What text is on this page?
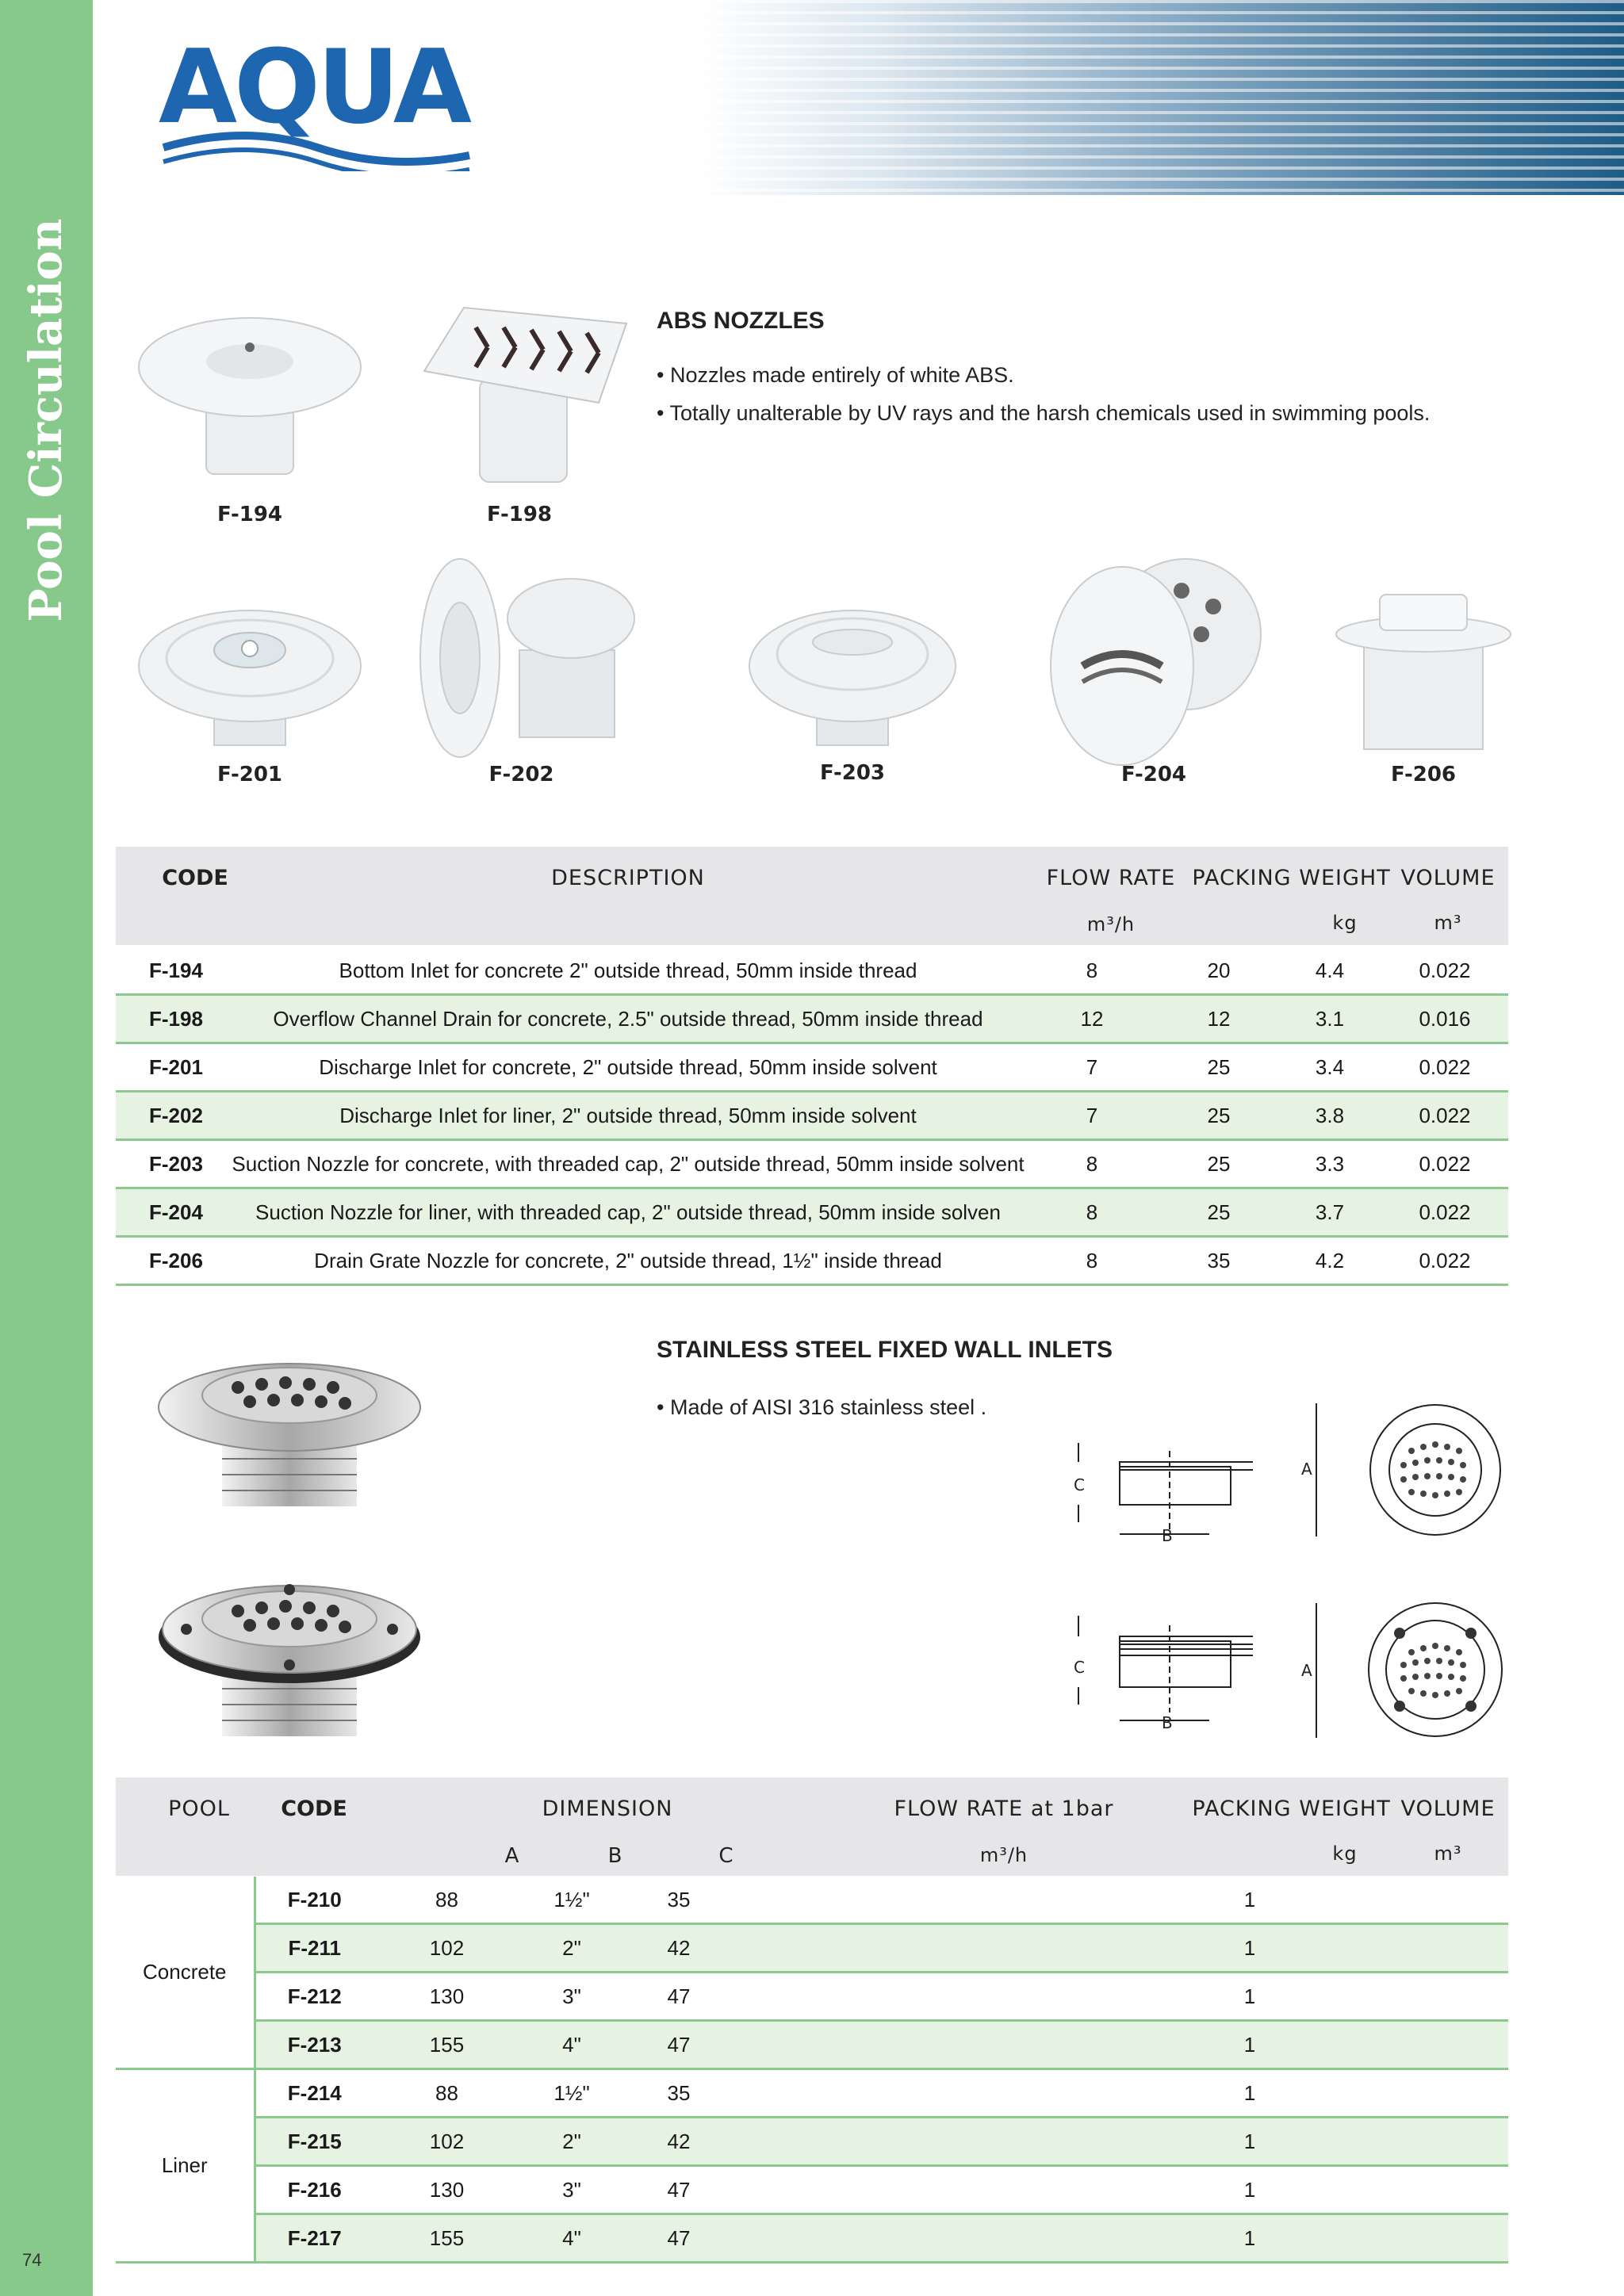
Pool Circulation
74
AQUA
ABS NOZZLES
• Nozzles made entirely of white ABS.
• Totally unalterable by UV rays and the harsh chemicals used in swimming pools.
F-194	F-198
F-201	F-202	F-203	F-204	F-206
CODE	DESCRIPTION	FLOW RATE PACKING WEIGHT VOLUME
m³/h	kg	m³
F-194	Bottom Inlet for concrete 2" outside thread, 50mm inside thread	8	20	4.4	0.022
F-198	Overflow Channel Drain for concrete, 2.5" outside thread, 50mm inside thread	12	12	3.1	0.016
F-201	Discharge Inlet for concrete, 2" outside thread, 50mm inside solvent	7	25	3.4	0.022
F-202	Discharge Inlet for liner, 2" outside thread, 50mm inside solvent	7	25	3.8	0.022
F-203	Suction Nozzle for concrete, with threaded cap, 2" outside thread, 50mm inside solvent	8	25	3.3	0.022
F-204	Suction Nozzle for liner, with threaded cap, 2" outside thread, 50mm inside solven	8	25	3.7	0.022
F-206	Drain Grate Nozzle for concrete, 2" outside thread, 1½" inside thread	8	35	4.2	0.022
STAINLESS STEEL FIXED WALL INLETS
• Made of AISI 316 stainless steel .
C
B
A
C
B
A
POOL	CODE	DIMENSION	FLOW RATE at 1bar	PACKING WEIGHT VOLUME
A	B	C	m³/h	kg	m³
Concrete	F-210	88	1½"	35		1		
	F-211	102	2"	42		1		
	F-212	130	3"	47		1		
	F-213	155	4"	47		1		
Liner	F-214	88	1½"	35		1		
	F-215	102	2"	42		1		
	F-216	130	3"	47		1		
	F-217	155	4"	47		1		
